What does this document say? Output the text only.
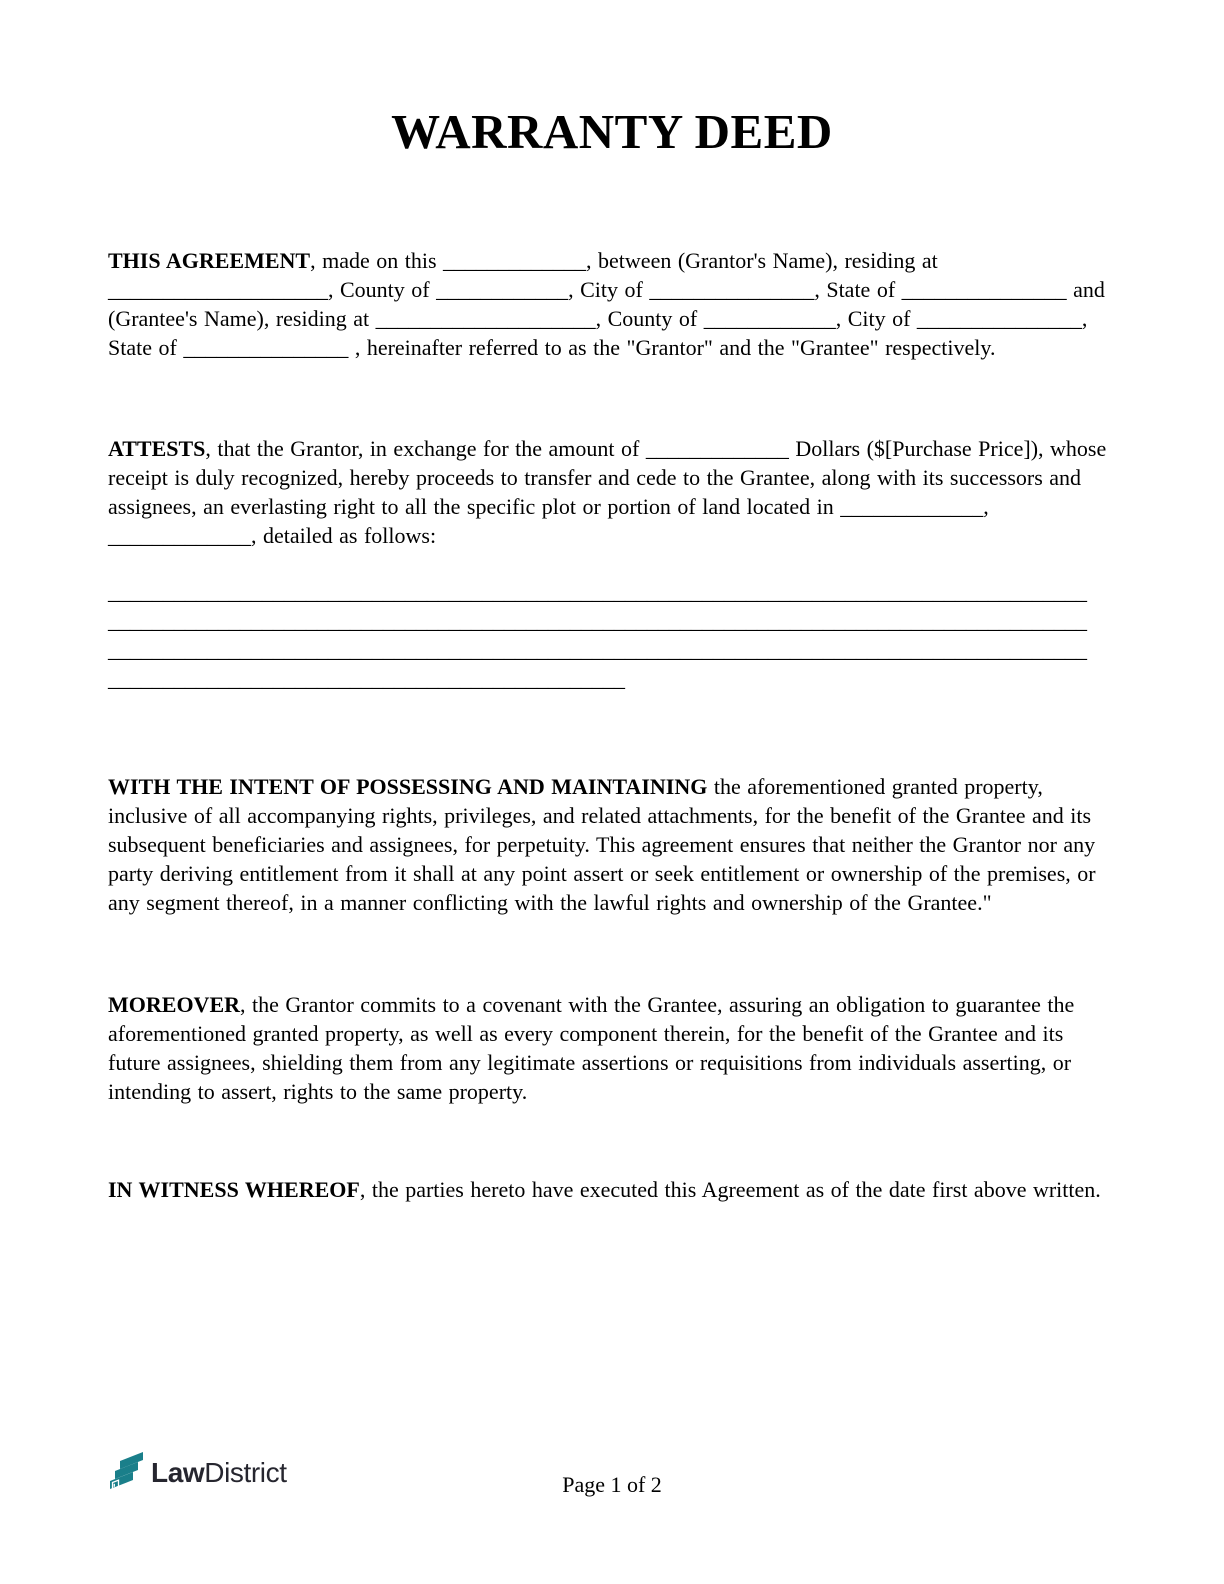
WARRANTY DEED

THIS AGREEMENT, made on this _____________, between (Grantor's Name), residing at ____________________, County of ____________, City of _______________, State of _______________ and (Grantee's Name), residing at ____________________, County of ____________, City of _______________, State of _______________ , hereinafter referred to as the "Grantor" and the "Grantee" respectively.

ATTESTS, that the Grantor, in exchange for the amount of _____________ Dollars ($[Purchase Price]), whose receipt is duly recognized, hereby proceeds to transfer and cede to the Grantee, along with its successors and assignees, an everlasting right to all the specific plot or portion of land located in _____________, _____________, detailed as follows:

_________________________________________________________________________________________
_________________________________________________________________________________________
_________________________________________________________________________________________
_______________________________________________

WITH THE INTENT OF POSSESSING AND MAINTAINING the aforementioned granted property, inclusive of all accompanying rights, privileges, and related attachments, for the benefit of the Grantee and its subsequent beneficiaries and assignees, for perpetuity. This agreement ensures that neither the Grantor nor any party deriving entitlement from it shall at any point assert or seek entitlement or ownership of the premises, or any segment thereof, in a manner conflicting with the lawful rights and ownership of the Grantee."

MOREOVER, the Grantor commits to a covenant with the Grantee, assuring an obligation to guarantee the aforementioned granted property, as well as every component therein, for the benefit of the Grantee and its future assignees, shielding them from any legitimate assertions or requisitions from individuals asserting, or intending to assert, rights to the same property.

IN WITNESS WHEREOF, the parties hereto have executed this Agreement as of the date first above written.

LawDistrict	Page 1 of 2
